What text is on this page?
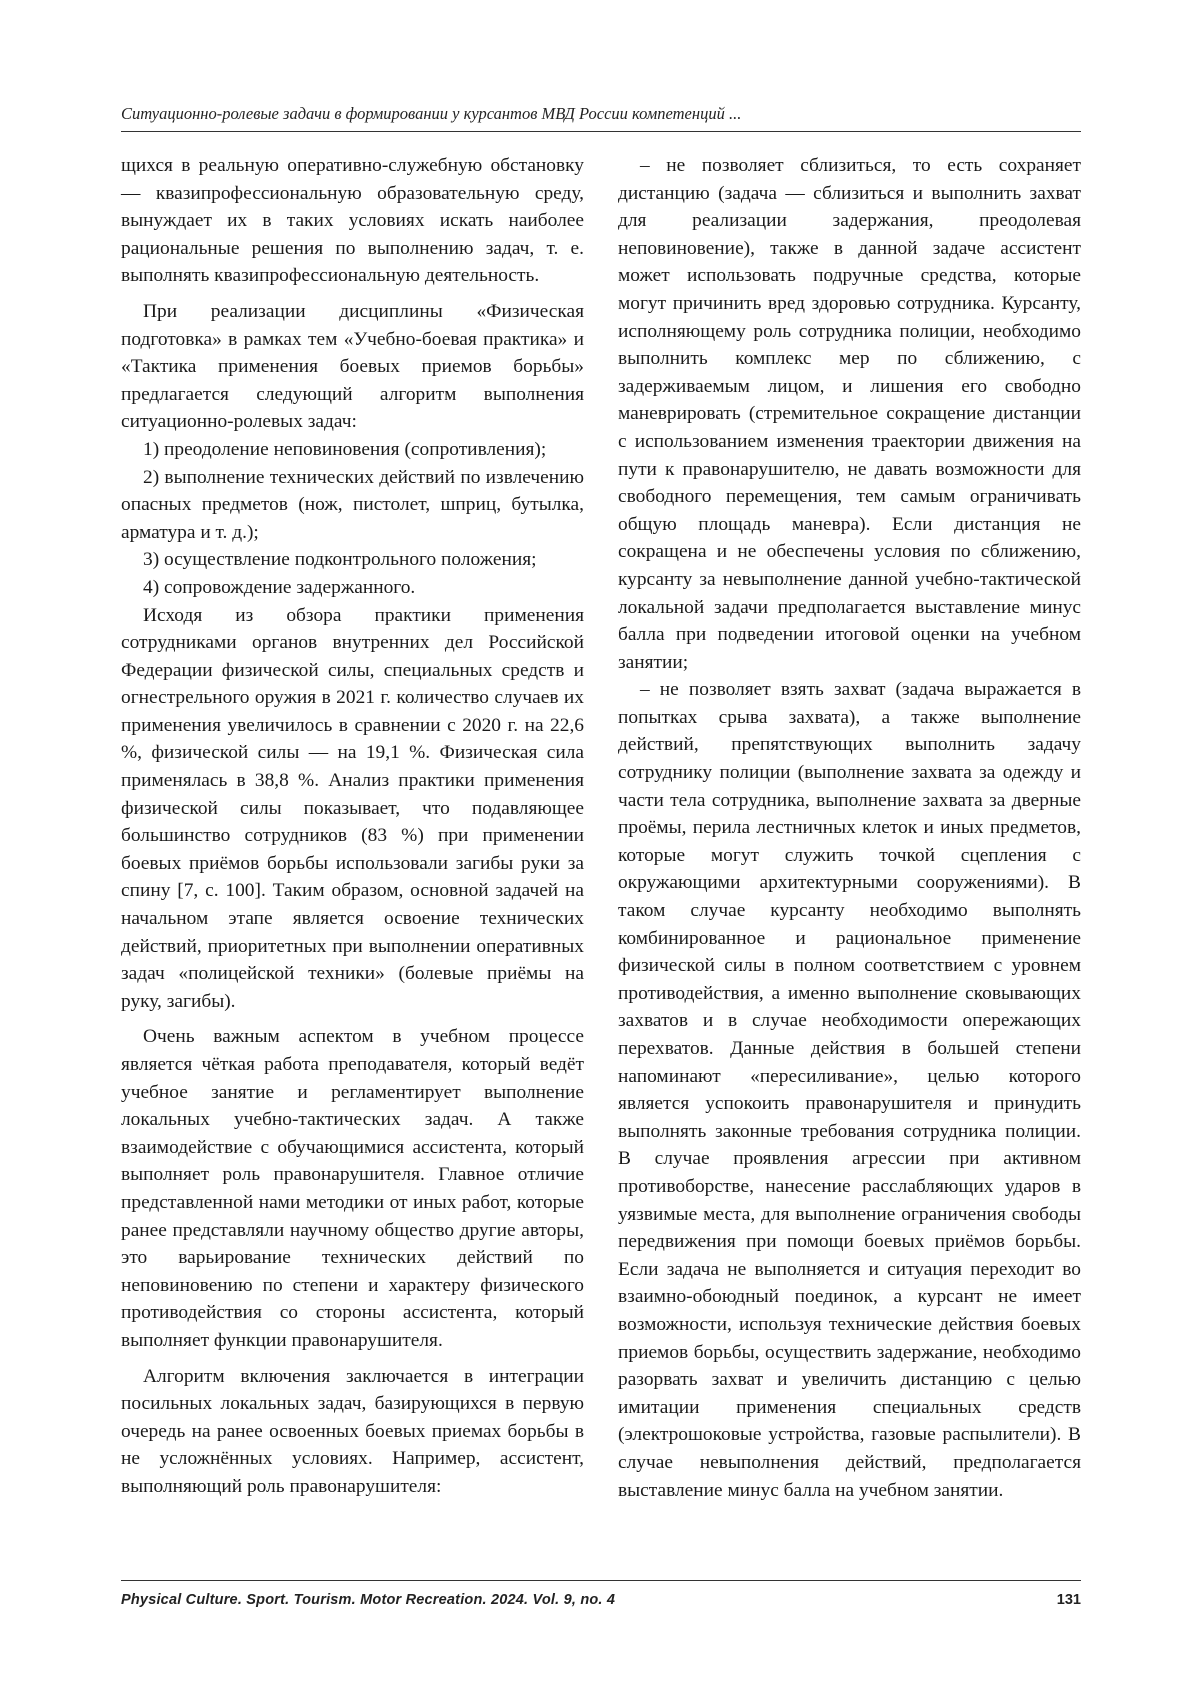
Ситуационно-ролевые задачи в формировании у курсантов МВД России компетенций ...

щихся в реальную оперативно-служебную обстановку — квазипрофессиональную образовательную среду, вынуждает их в таких условиях искать наиболее рациональные решения по выполнению задач, т. е. выполнять квазипрофессиональную деятельность.

При реализации дисциплины «Физическая подготовка» в рамках тем «Учебно-боевая практика» и «Тактика применения боевых приемов борьбы» предлагается следующий алгоритм выполнения ситуационно-ролевых задач:

1) преодоление неповиновения (сопротивления);

2) выполнение технических действий по извлечению опасных предметов (нож, пистолет, шприц, бутылка, арматура и т. д.);

3) осуществление подконтрольного положения;

4) сопровождение задержанного.

Исходя из обзора практики применения сотрудниками органов внутренних дел Российской Федерации физической силы, специальных средств и огнестрельного оружия в 2021 г. количество случаев их применения увеличилось в сравнении с 2020 г. на 22,6 %, физической силы — на 19,1 %. Физическая сила применялась в 38,8 %. Анализ практики применения физической силы показывает, что подавляющее большинство сотрудников (83 %) при применении боевых приёмов борьбы использовали загибы руки за спину [7, с. 100]. Таким образом, основной задачей на начальном этапе является освоение технических действий, приоритетных при выполнении оперативных задач «полицейской техники» (болевые приёмы на руку, загибы).

Очень важным аспектом в учебном процессе является чёткая работа преподавателя, который ведёт учебное занятие и регламентирует выполнение локальных учебно-тактических задач. А также взаимодействие с обучающимися ассистента, который выполняет роль правонарушителя. Главное отличие представленной нами методики от иных работ, которые ранее представляли научному общество другие авторы, это варьирование технических действий по неповиновению по степени и характеру физического противодействия со стороны ассистента, который выполняет функции правонарушителя.

Алгоритм включения заключается в интеграции посильных локальных задач, базирующихся в первую очередь на ранее освоенных боевых приемах борьбы в не усложнённых условиях. Например, ассистент, выполняющий роль правонарушителя:

– не позволяет сблизиться, то есть сохраняет дистанцию (задача — сблизиться и выполнить захват для реализации задержания, преодолевая неповиновение), также в данной задаче ассистент может использовать подручные средства, которые могут причинить вред здоровью сотрудника. Курсанту, исполняющему роль сотрудника полиции, необходимо выполнить комплекс мер по сближению, с задерживаемым лицом, и лишения его свободно маневрировать (стремительное сокращение дистанции с использованием изменения траектории движения на пути к правонарушителю, не давать возможности для свободного перемещения, тем самым ограничивать общую площадь маневра). Если дистанция не сокращена и не обеспечены условия по сближению, курсанту за невыполнение данной учебно-тактической локальной задачи предполагается выставление минус балла при подведении итоговой оценки на учебном занятии;

– не позволяет взять захват (задача выражается в попытках срыва захвата), а также выполнение действий, препятствующих выполнить задачу сотруднику полиции (выполнение захвата за одежду и части тела сотрудника, выполнение захвата за дверные проёмы, перила лестничных клеток и иных предметов, которые могут служить точкой сцепления с окружающими архитектурными сооружениями). В таком случае курсанту необходимо выполнять комбинированное и рациональное применение физической силы в полном соответствием с уровнем противодействия, а именно выполнение сковывающих захватов и в случае необходимости опережающих перехватов. Данные действия в большей степени напоминают «пересиливание», целью которого является успокоить правонарушителя и принудить выполнять законные требования сотрудника полиции. В случае проявления агрессии при активном противоборстве, нанесение расслабляющих ударов в уязвимые места, для выполнение ограничения свободы передвижения при помощи боевых приёмов борьбы. Если задача не выполняется и ситуация переходит во взаимно-обоюдный поединок, а курсант не имеет возможности, используя технические действия боевых приемов борьбы, осуществить задержание, необходимо разорвать захват и увеличить дистанцию с целью имитации применения специальных средств (электрошоковые устройства, газовые распылители). В случае невыполнения действий, предполагается выставление минус балла на учебном занятии.

Physical Culture. Sport. Tourism. Motor Recreation. 2024. Vol. 9, no. 4	131
